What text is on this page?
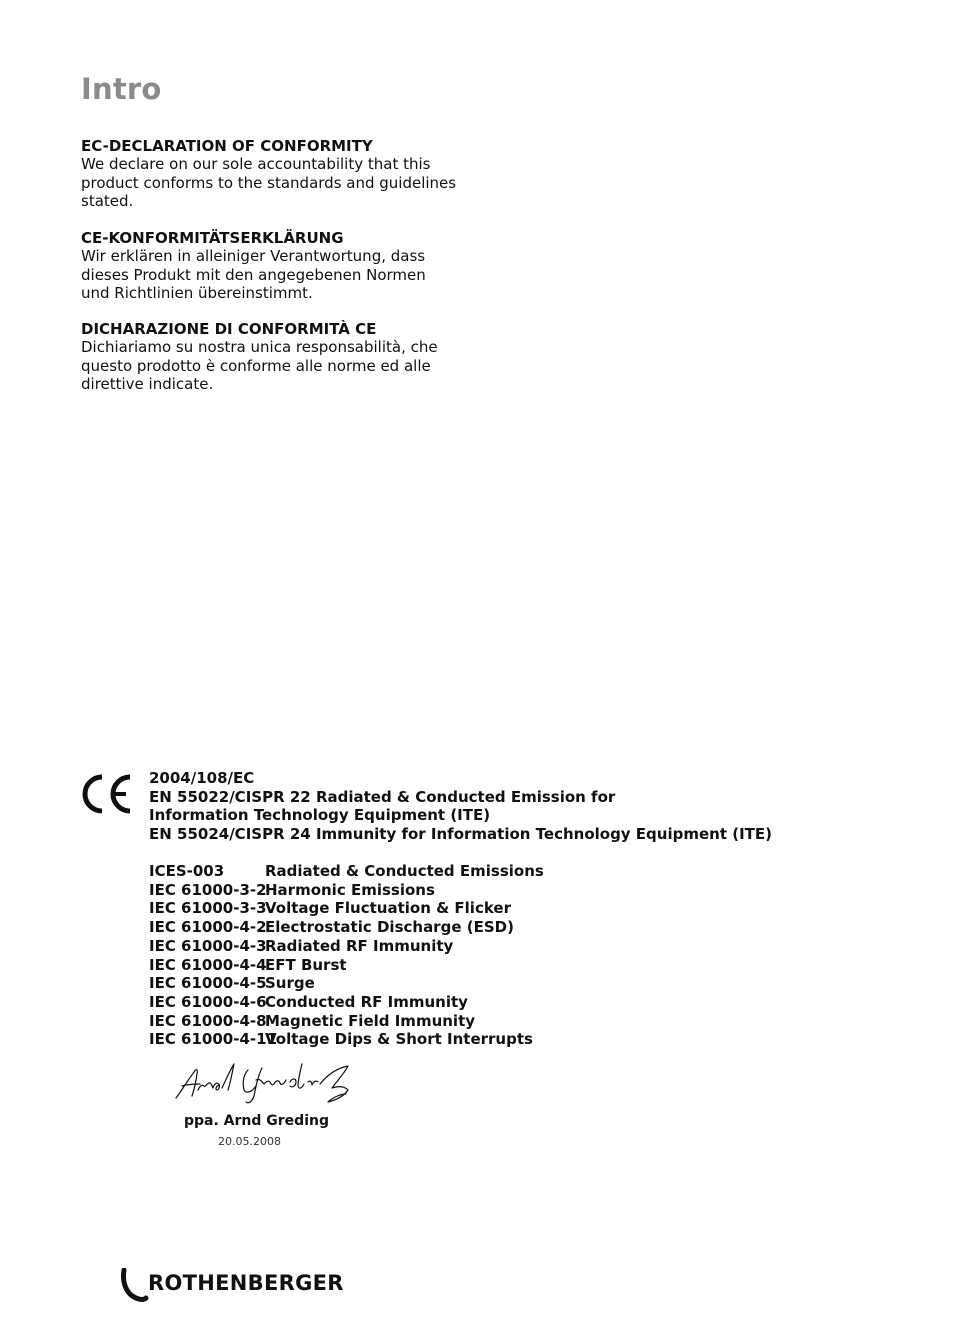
Intro
EC-DECLARATION OF CONFORMITY

We declare on our sole accountability that this

product conforms to the standards and guidelines

stated.

CE-KONFORMITÄTSERKLÄRUNG

Wir erklären in alleiniger Verantwortung, dass

dieses Produkt mit den angegebenen Normen

und Richtlinien übereinstimmt.

DICHARAZIONE DI CONFORMITÀ CE

Dichiariamo su nostra unica responsabilità, che

questo prodotto è conforme alle norme ed alle

direttive indicate.

2004/108/EC
EN 55022/CISPR 22 Radiated & Conducted Emission for
Information Technology Equipment (ITE)
EN 55024/CISPR 24 Immunity for Information Technology Equipment (ITE)
ICES-003	Radiated & Conducted Emissions
IEC 61000-3-2
Harmonic Emissions
IEC 61000-3-3
Voltage Fluctuation & Flicker
IEC 61000-4-2
Electrostatic Discharge (ESD)
IEC 61000-4-3
Radiated RF Immunity
IEC 61000-4-4
EFT Burst
IEC 61000-4-5
Surge
IEC 61000-4-6
Conducted RF Immunity
IEC 61000-4-8
Magnetic Field Immunity
IEC 61000-4-11
Voltage Dips & Short Interrupts
ppa. Arnd Greding
20.05.2008
ROTHENBERGER
